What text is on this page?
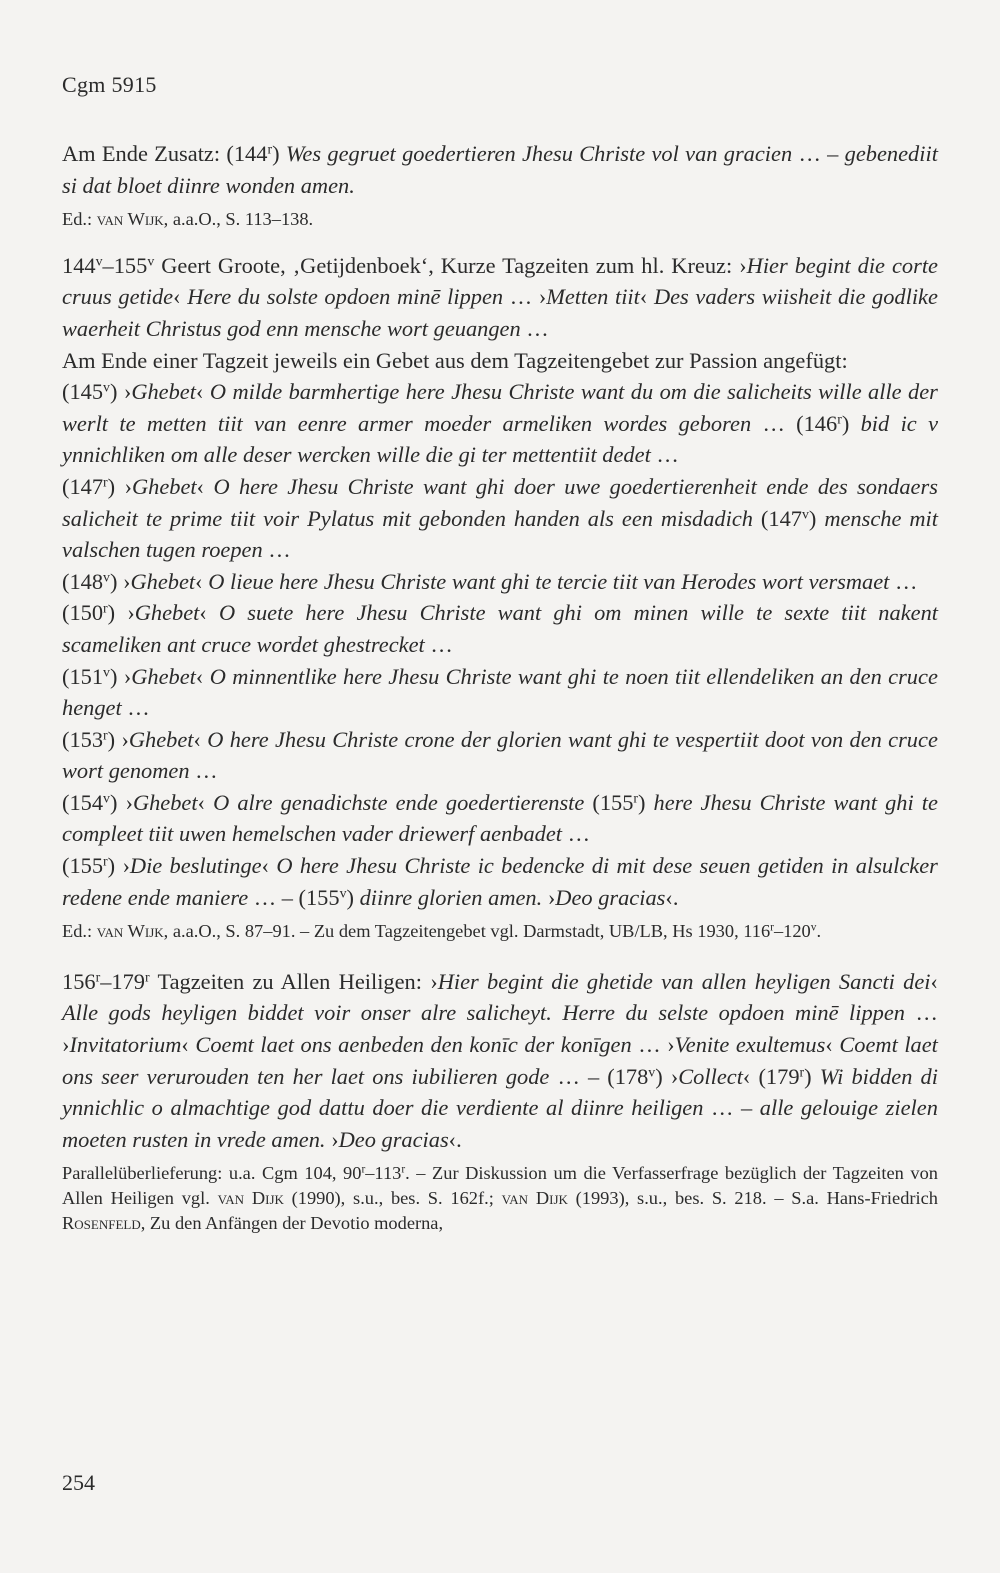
Cgm 5915

Am Ende Zusatz: (144$^r$) Wes gegruet goedertieren Jhesu Christe vol van gracien … – gebenediit si dat bloet diinre wonden amen.

Ed.: van Wijk, a.a.O., S. 113–138.

144$^v$–155$^v$ Geert Groote, ‚Getijdenboek‘, Kurze Tagzeiten zum hl. Kreuz: ›Hier begint die corte cruus getide‹ Here du solste opdoen minē lippen … ›Metten tiit‹ Des vaders wiisheit die godlike waerheit Christus god enn mensche wort geuangen …
Am Ende einer Tagzeit jeweils ein Gebet aus dem Tagzeitengebet zur Passion angefügt:
(145$^v$) ›Ghebet‹ O milde barmhertige here Jhesu Christe want du om die salicheits wille alle der werlt te metten tiit van eenre armer moeder armeliken wordes geboren … (146$^r$) bid ic v ynnichliken om alle deser wercken wille die gi ter mettentiit dedet …
(147$^r$) ›Ghebet‹ O here Jhesu Christe want ghi doer uwe goedertierenheit ende des sondaers salicheit te prime tiit voir Pylatus mit gebonden handen als een misdadich (147$^v$) mensche mit valschen tugen roepen …
(148$^v$) ›Ghebet‹ O lieue here Jhesu Christe want ghi te tercie tiit van Herodes wort versmaet …
(150$^r$) ›Ghebet‹ O suete here Jhesu Christe want ghi om minen wille te sexte tiit nakent scameliken ant cruce wordet ghestrecket …
(151$^v$) ›Ghebet‹ O minnentlike here Jhesu Christe want ghi te noen tiit ellendeliken an den cruce henget …
(153$^r$) ›Ghebet‹ O here Jhesu Christe crone der glorien want ghi te vespertiit doot von den cruce wort genomen …
(154$^v$) ›Ghebet‹ O alre genadichste ende goedertierenste (155$^r$) here Jhesu Christe want ghi te compleet tiit uwen hemelschen vader driewerf aenbadet …
(155$^r$) ›Die beslutinge‹ O here Jhesu Christe ic bedencke di mit dese seuen getiden in alsulcker redene ende maniere … – (155$^v$) diinre glorien amen. ›Deo gracias‹.

Ed.: van Wijk, a.a.O., S. 87–91. – Zu dem Tagzeitengebet vgl. Darmstadt, UB/LB, Hs 1930, 116$^r$–120$^v$.

156$^r$–179$^r$ Tagzeiten zu Allen Heiligen: ›Hier begint die ghetide van allen heyligen Sancti dei‹ Alle gods heyligen biddet voir onser alre salicheyt. Herre du selste opdoen minē lippen … ›Invitatorium‹ Coemt laet ons aenbeden den konīc der konīgen … ›Venite exultemus‹ Coemt laet ons seer verurouden ten her laet ons iubilieren gode … – (178$^v$) ›Collect‹ (179$^r$) Wi bidden di ynnichlic o almachtige god dattu doer die verdiente al diinre heiligen … – alle gelouige zielen moeten rusten in vrede amen. ›Deo gracias‹.

Parallelüberlieferung: u.a. Cgm 104, 90$^r$–113$^r$. – Zur Diskussion um die Verfasserfrage bezüglich der Tagzeiten von Allen Heiligen vgl. van Dijk (1990), s.u., bes. S. 162f.; van Dijk (1993), s.u., bes. S. 218. – S.a. Hans-Friedrich Rosenfeld, Zu den Anfängen der Devotio moderna,

254
